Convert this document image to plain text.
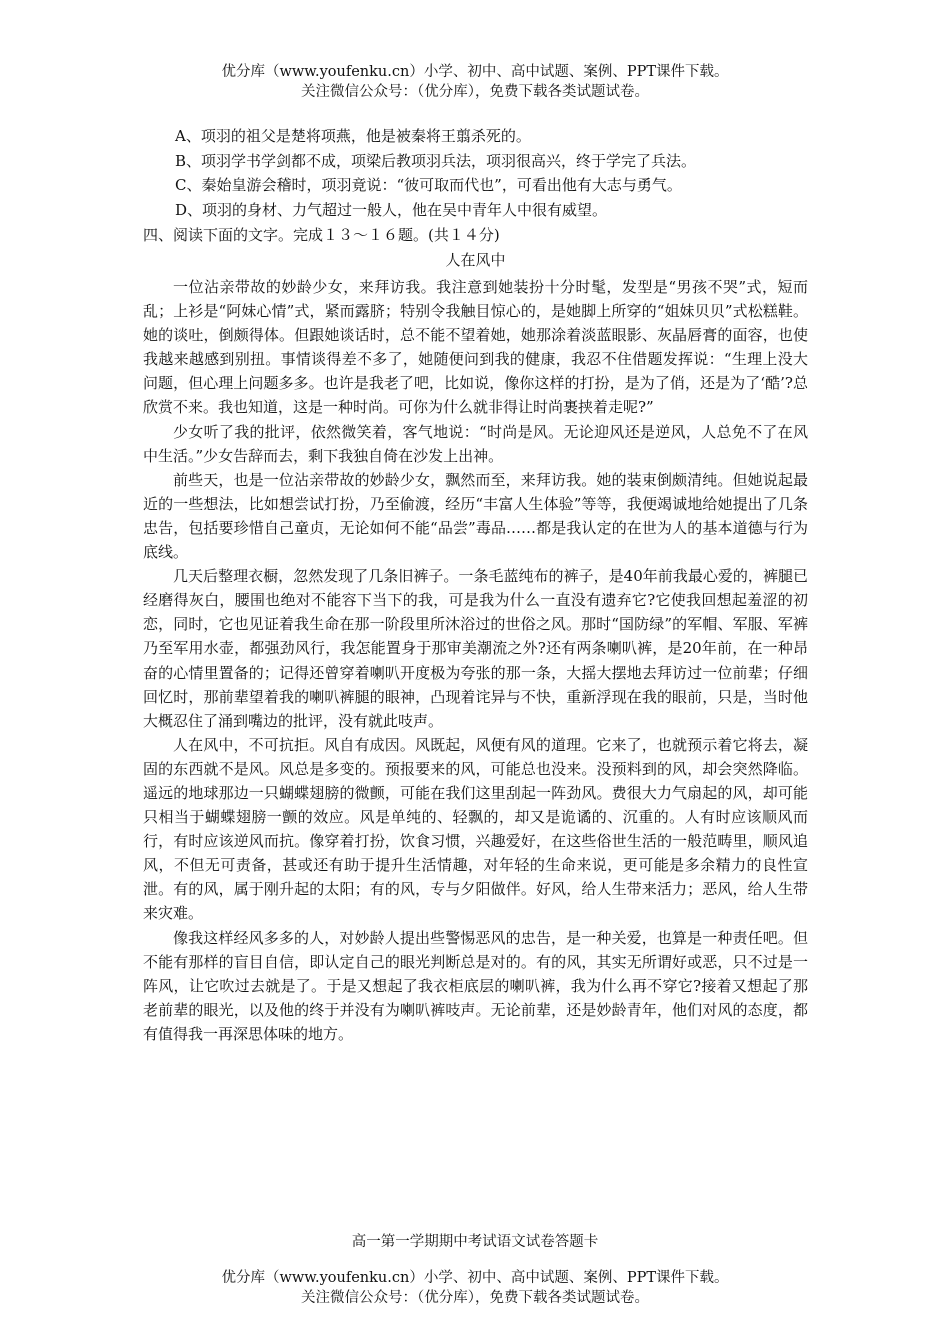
优分库（www.youfenku.cn）小学、初中、高中试题、案例、PPT课件下载。
关注微信公众号：（优分库），免费下载各类试题试卷。

A、项羽的祖父是楚将项燕，他是被秦将王翦杀死的。

B、项羽学书学剑都不成，项梁后教项羽兵法，项羽很高兴，终于学完了兵法。

C、秦始皇游会稽时，项羽竟说：“彼可取而代也”，可看出他有大志与勇气。

D、项羽的身材、力气超过一般人，他在吴中青年人中很有威望。

四、阅读下面的文字。完成１３～１６题。(共１４分)
人在风中

一位沾亲带故的妙龄少女，来拜访我。我注意到她装扮十分时髦，发型是“男孩不哭”式，短而乱；上衫是“阿妹心情”式，紧而露脐；特别令我触目惊心的，是她脚上所穿的“姐妹贝贝”式松糕鞋。她的谈吐，倒颇得体。但跟她谈话时，总不能不望着她，她那涂着淡蓝眼影、灰晶唇膏的面容，也使我越来越感到别扭。事情谈得差不多了，她随便问到我的健康，我忍不住借题发挥说：“生理上没大问题，但心理上问题多多。也许是我老了吧，比如说，像你这样的打扮，是为了俏，还是为了‘酷’?总欣赏不来。我也知道，这是一种时尚。可你为什么就非得让时尚裹挟着走呢?”

少女听了我的批评，依然微笑着，客气地说：“时尚是风。无论迎风还是逆风，人总免不了在风中生活。”少女告辞而去，剩下我独自倚在沙发上出神。

前些天，也是一位沾亲带故的妙龄少女，飘然而至，来拜访我。她的装束倒颇清纯。但她说起最近的一些想法，比如想尝试打扮，乃至偷渡，经历“丰富人生体验”等等，我便竭诚地给她提出了几条忠告，包括要珍惜自己童贞，无论如何不能“品尝”毒品……都是我认定的在世为人的基本道德与行为底线。

几天后整理衣橱，忽然发现了几条旧裤子。一条毛蓝纯布的裤子，是40年前我最心爱的，裤腿已经磨得灰白，腰围也绝对不能容下当下的我，可是我为什么一直没有遗弃它?它使我回想起羞涩的初恋，同时，它也见证着我生命在那一阶段里所沐浴过的世俗之风。那时“国防绿”的军帽、军服、军裤乃至军用水壶，都强劲风行，我怎能置身于那审美潮流之外?还有两条喇叭裤，是20年前，在一种昂奋的心情里置备的；记得还曾穿着喇叭开度极为夸张的那一条，大摇大摆地去拜访过一位前辈；仔细回忆时，那前辈望着我的喇叭裤腿的眼神，凸现着诧异与不快，重新浮现在我的眼前，只是，当时他大概忍住了涌到嘴边的批评，没有就此吱声。

人在风中，不可抗拒。风自有成因。风既起，风便有风的道理。它来了，也就预示着它将去，凝固的东西就不是风。风总是多变的。预报要来的风，可能总也没来。没预料到的风，却会突然降临。遥远的地球那边一只蝴蝶翅膀的微颤，可能在我们这里刮起一阵劲风。费很大力气扇起的风，却可能只相当于蝴蝶翅膀一颤的效应。风是单纯的、轻飘的，却又是诡谲的、沉重的。人有时应该顺风而行，有时应该逆风而抗。像穿着打扮，饮食习惯，兴趣爱好，在这些俗世生活的一般范畴里，顺风追风，不但无可责备，甚或还有助于提升生活情趣，对年轻的生命来说，更可能是多余精力的良性宣泄。有的风，属于刚升起的太阳；有的风，专与夕阳做伴。好风，给人生带来活力；恶风，给人生带来灾难。

像我这样经风多多的人，对妙龄人提出些警惕恶风的忠告，是一种关爱，也算是一种责任吧。但不能有那样的盲目自信，即认定自己的眼光判断总是对的。有的风，其实无所谓好或恶，只不过是一阵风，让它吹过去就是了。于是又想起了我衣柜底层的喇叭裤，我为什么再不穿它?接着又想起了那老前辈的眼光，以及他的终于并没有为喇叭裤吱声。无论前辈，还是妙龄青年，他们对风的态度，都有值得我一再深思体味的地方。

高一第一学期期中考试语文试卷答题卡
优分库（www.youfenku.cn）小学、初中、高中试题、案例、PPT课件下载。
关注微信公众号：（优分库），免费下载各类试题试卷。
